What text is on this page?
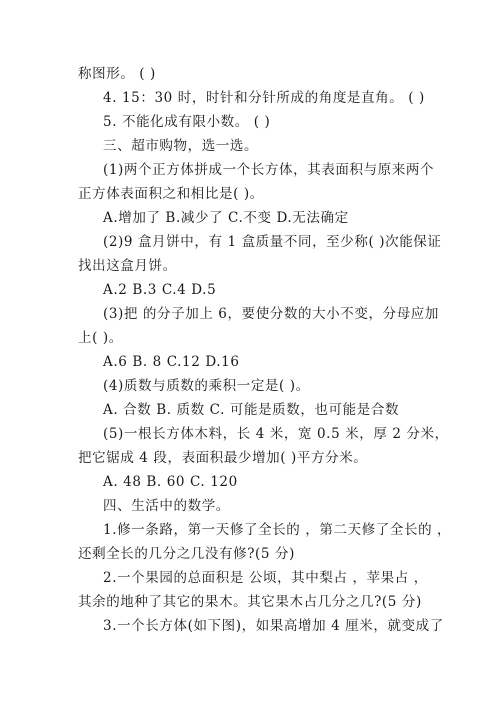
称图形。 ( )
4. 15：30 时，时针和分针所成的角度是直角。 ( )
5. 不能化成有限小数。 ( )
三、超市购物，选一选。
(1)两个正方体拼成一个长方体，其表面积与原来两个
正方体表面积之和相比是( )。
A.增加了 B.减少了 C.不变 D.无法确定
(2)9 盒月饼中，有 1 盒质量不同，至少称( )次能保证
找出这盒月饼。
A.2 B.3 C.4 D.5
(3)把 的分子加上 6，要使分数的大小不变，分母应加
上( )。
A.6 B. 8 C.12 D.16
(4)质数与质数的乘积一定是( )。
A. 合数 B. 质数 C. 可能是质数，也可能是合数
(5)一根长方体木料，长 4 米，宽 0.5 米，厚 2 分米，
把它锯成 4 段，表面积最少增加( )平方分米。
A. 48 B. 60 C. 120
四、生活中的数学。
1.修一条路，第一天修了全长的 ，第二天修了全长的 ，
还剩全长的几分之几没有修?(5 分)
2.一个果园的总面积是 公顷，其中梨占 ，苹果占 ，
其余的地种了其它的果木。其它果木占几分之几?(5 分)
3.一个长方体(如下图)，如果高增加 4 厘米，就变成了
